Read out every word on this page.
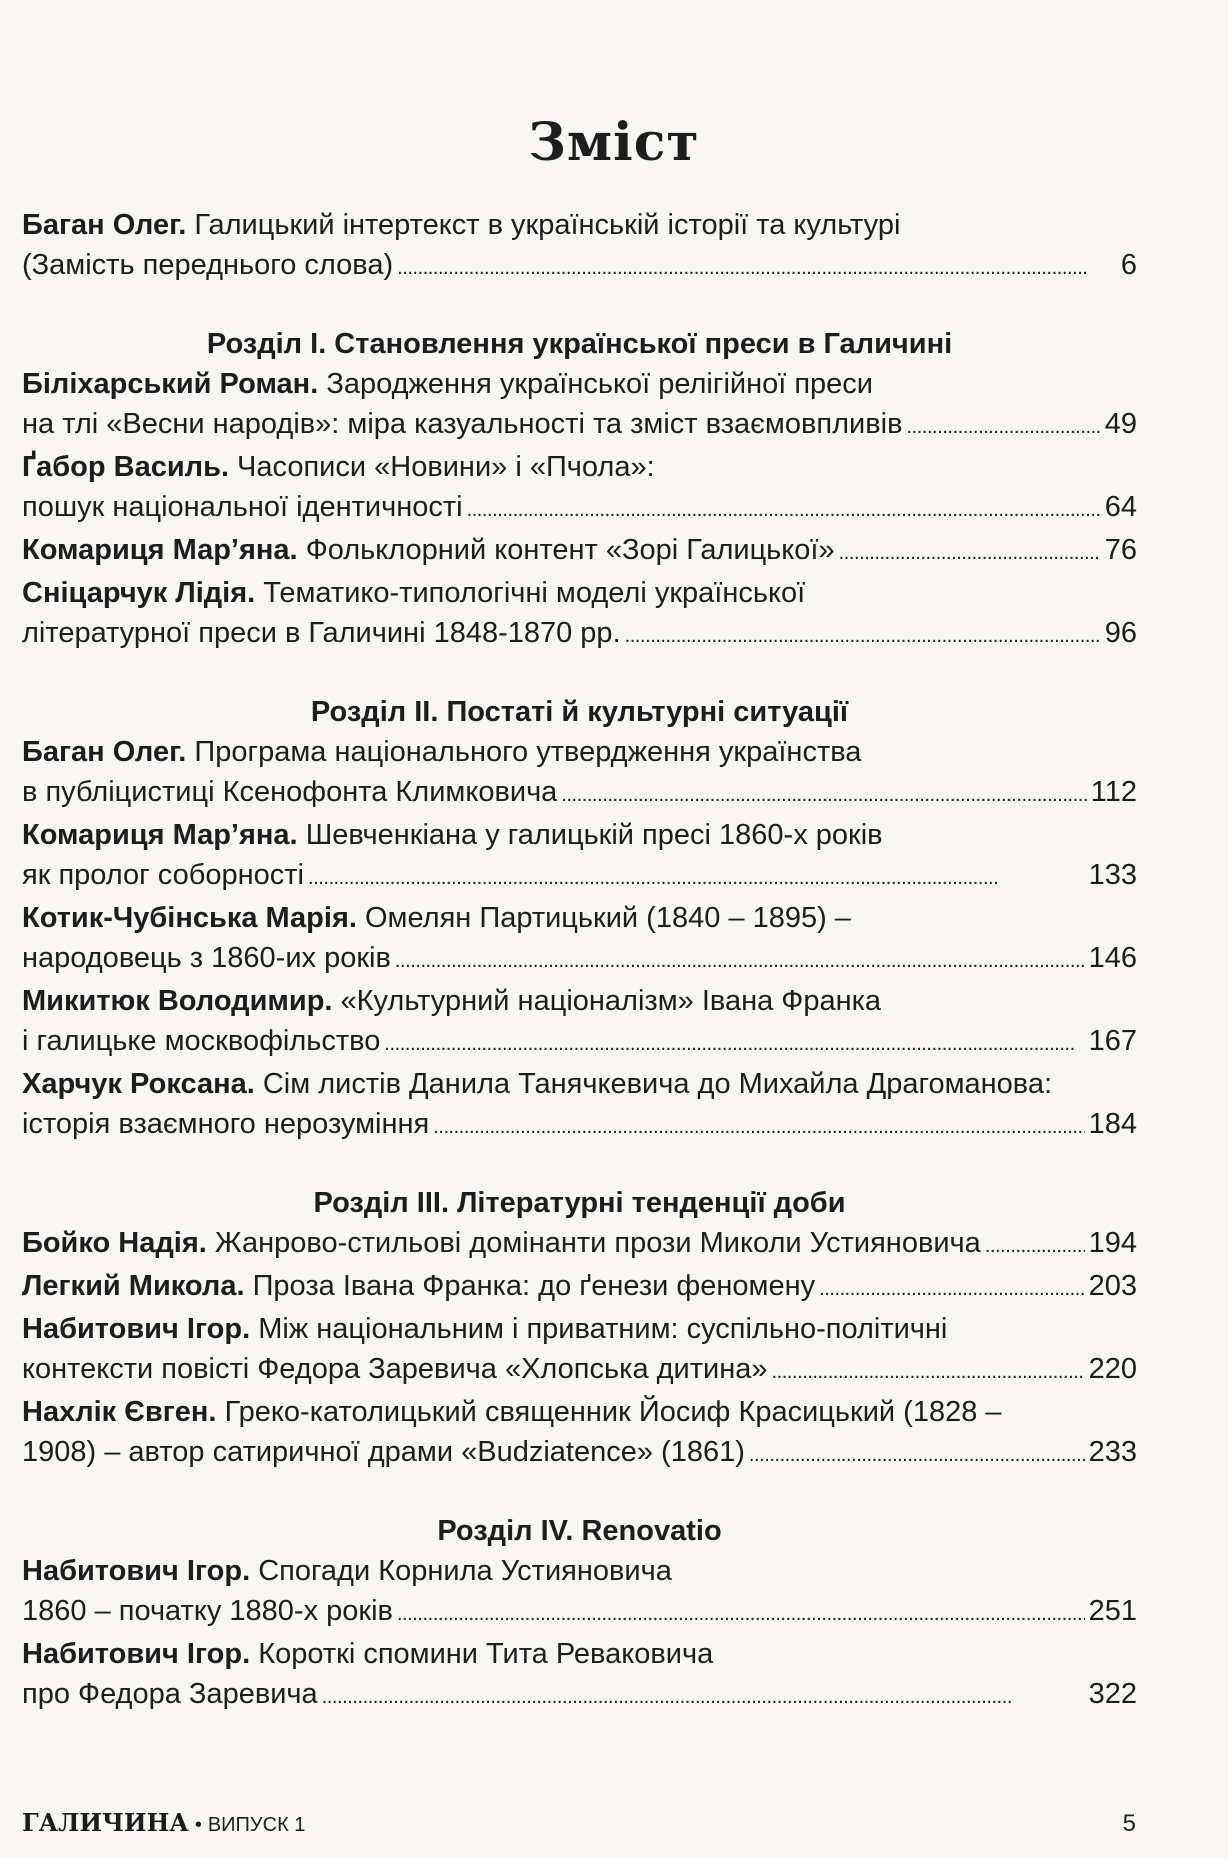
Зміст
Баган Олег. Галицький інтертекст в українській історії та культурі
(Замість переднього слова) . . .	6

Розділ І. Становлення української преси в Галичині

Біліхарський Роман. Зародження української релігійної преси
на тлі «Весни народів»: міра казуальності та зміст взаємовпливів . . .	49
Ґабор Василь. Часописи «Новини» і «Пчола»:
пошук національної ідентичності . . .	64
Комариця Мар’яна. Фольклорний контент «Зорі Галицької» . . .	76
Сніцарчук Лідія. Тематико-типологічні моделі української
літературної преси в Галичині 1848-1870 рр. . . .	96

Розділ ІІ. Постаті й культурні ситуації

Баган Олег. Програма національного утвердження українства
в публіцистиці Ксенофонта Климковича . . .	112
Комариця Мар’яна. Шевченкіана у галицькій пресі 1860-х років
як пролог соборності . . .	133
Котик-Чубінська Марія. Омелян Партицький (1840 – 1895) –
народовець з 1860-их років . . .	146
Микитюк Володимир. «Культурний націоналізм» Івана Франка
і галицьке москвофільство . . .	167
Харчук Роксана. Сім листів Данила Танячкевича до Михайла Драгоманова:
історія взаємного нерозуміння . . .	184

Розділ ІІІ. Літературні тенденції доби

Бойко Надія. Жанрово-стильові домінанти прози Миколи Устияновича . . .	194
Легкий Микола. Проза Івана Франка: до ґенези феномену . . .	203
Набитович Ігор. Між національним і приватним: суспільно-політичні
контексти повісті Федора Заревича «Хлопська дитина» . . .	220
Нахлік Євген. Греко-католицький священник Йосиф Красицький (1828 –
1908) – автор сатиричної драми «Budziatence» (1861) . . .	233

Розділ IV. Renovatio

Набитович Ігор. Спогади Корнила Устияновича
1860 – початку 1880-х років . . .	251
Набитович Ігор. Короткі спомини Тита Реваковича
про Федора Заревича . . .	322
ГАЛИЧИНА • ВИПУСК 1	5
